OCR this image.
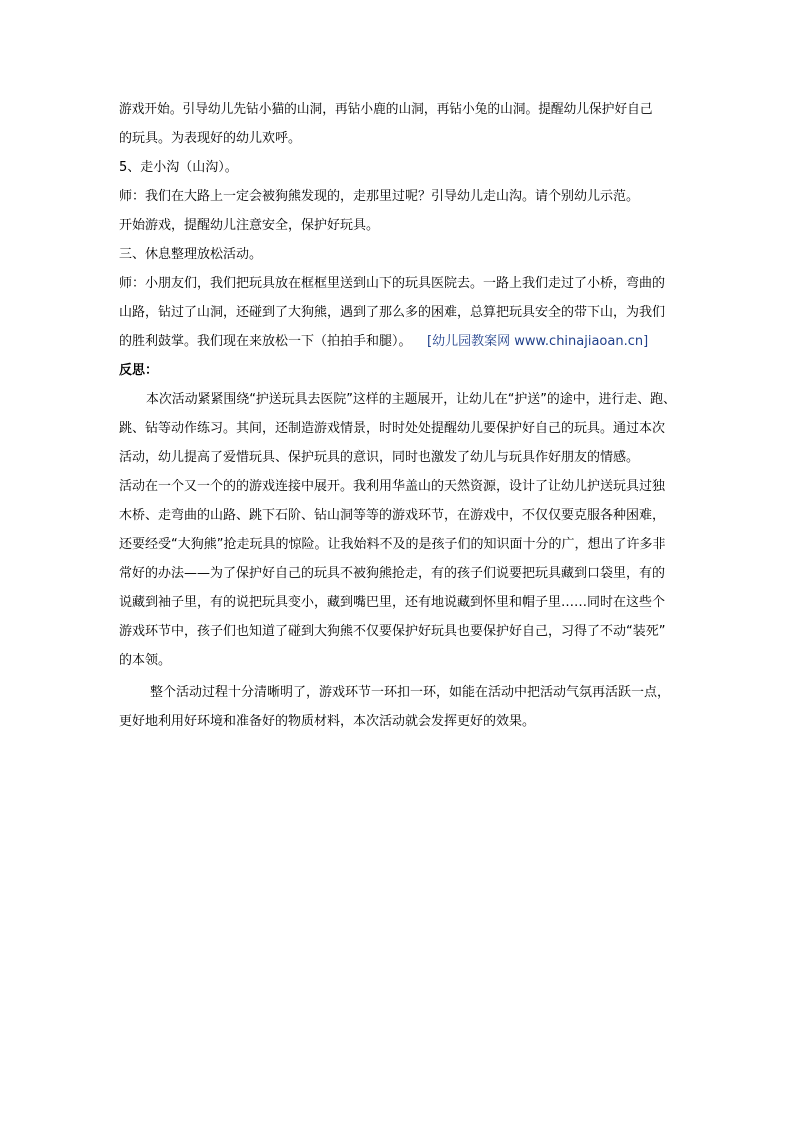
游戏开始。引导幼儿先钻小猫的山洞，再钻小鹿的山洞，再钻小兔的山洞。提醒幼儿保护好自己
的玩具。为表现好的幼儿欢呼。
5、走小沟（山沟）。
师：我们在大路上一定会被狗熊发现的，走那里过呢？引导幼儿走山沟。请个别幼儿示范。
开始游戏，提醒幼儿注意安全，保护好玩具。
三、休息整理放松活动。
师：小朋友们，我们把玩具放在框框里送到山下的玩具医院去。一路上我们走过了小桥，弯曲的
山路，钻过了山洞，还碰到了大狗熊，遇到了那么多的困难，总算把玩具安全的带下山，为我们
的胜利鼓掌。我们现在来放松一下（拍拍手和腿）。 [幼儿园教案网 www.chinajiaoan.cn]
反思：
本次活动紧紧围绕“护送玩具去医院”这样的主题展开，让幼儿在“护送”的途中，进行走、跑、
跳、钻等动作练习。其间，还制造游戏情景，时时处处提醒幼儿要保护好自己的玩具。通过本次
活动，幼儿提高了爱惜玩具、保护玩具的意识，同时也激发了幼儿与玩具作好朋友的情感。
活动在一个又一个的的游戏连接中展开。我利用华盖山的天然资源，设计了让幼儿护送玩具过独
木桥、走弯曲的山路、跳下石阶、钻山洞等等的游戏环节，在游戏中，不仅仅要克服各种困难，
还要经受“大狗熊”抢走玩具的惊险。让我始料不及的是孩子们的知识面十分的广，想出了许多非
常好的办法——为了保护好自己的玩具不被狗熊抢走，有的孩子们说要把玩具藏到口袋里，有的
说藏到袖子里，有的说把玩具变小，藏到嘴巴里，还有地说藏到怀里和帽子里……同时在这些个
游戏环节中，孩子们也知道了碰到大狗熊不仅要保护好玩具也要保护好自己，习得了不动“装死”
的本领。
整个活动过程十分清晰明了，游戏环节一环扣一环，如能在活动中把活动气氛再活跃一点，
更好地利用好环境和准备好的物质材料，本次活动就会发挥更好的效果。
